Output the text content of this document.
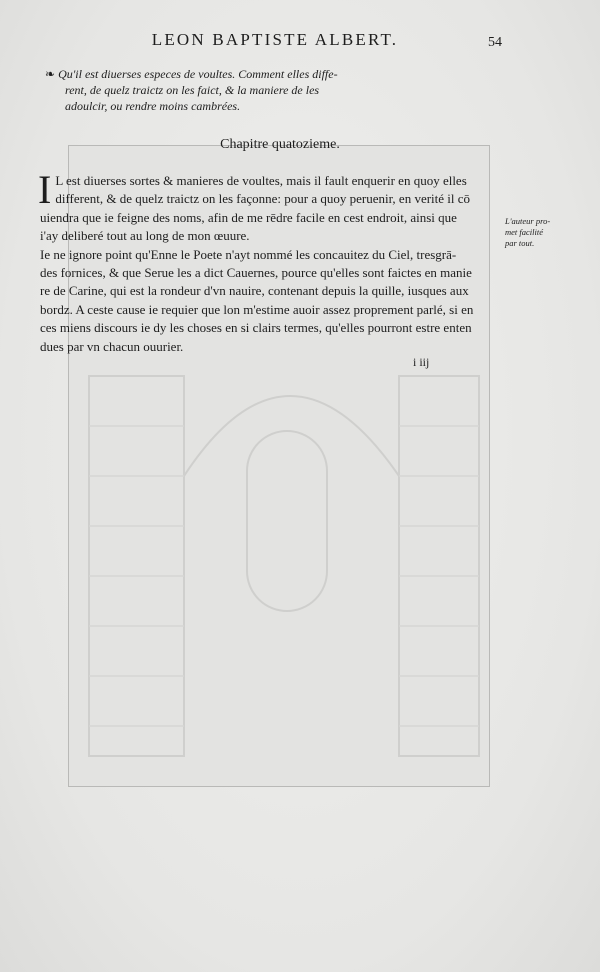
LEON BAPTISTE ALBERT.	54
❧ Qu'il est diuerses especes de voultes. Comment elles diffe-
rent, de quelz traictz on les faict, & la maniere de les
adoulcir, ou rendre moins cambrées.
Chapitre quatozieme.
I L est diuerses sortes & manieres de voultes, mais il fault enquerir en quoy elles
different, & de quelz traictz on les façonne: pour a quoy peruenir, en verité il cō
uiendra que ie feigne des noms, afin de me rēdre facile en cest endroit, ainsi que
i'ay deliberé tout au long de mon œuure.
Ie ne ignore point qu'Enne le Poete n'ayt nommé les concauitez du Ciel, tresgrā-
des fornices, & que Serue les a dict Cauernes, pource qu'elles sont faictes en manie
re de Carine, qui est la rondeur d'vn nauire, contenant depuis la quille, iusques aux
bordz. A ceste cause ie requier que lon m'estime auoir assez proprement parlé, si en
ces miens discours ie dy les choses en si clairs termes, qu'elles pourront estre enten
dues par vn chacun ouurier.
L'auteur pro-
met facilité
par tout.
i iij
